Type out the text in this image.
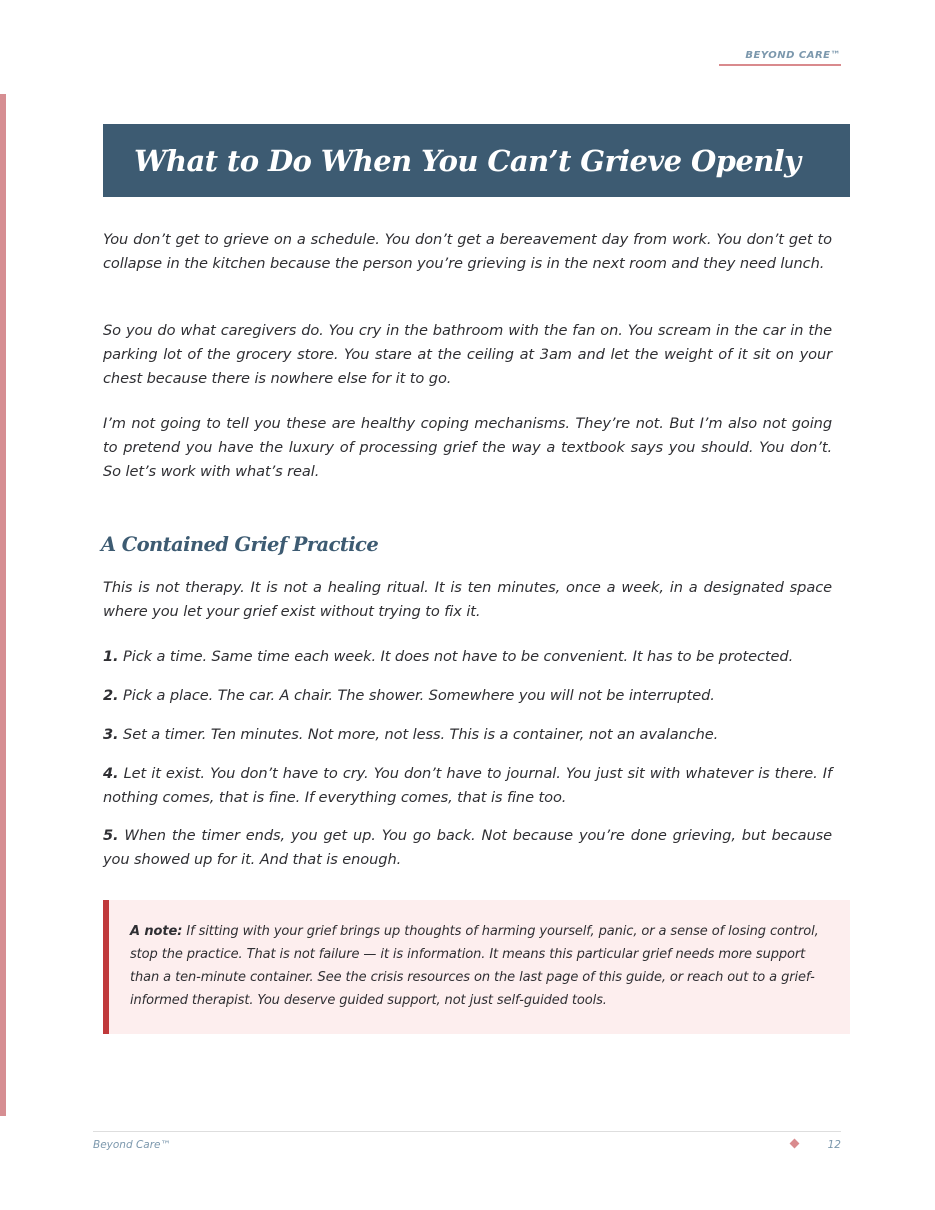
BEYOND CARE™
What to Do When You Can’t Grieve Openly

You don’t get to grieve on a schedule. You don’t get a bereavement day from work. You don’t get to collapse in the kitchen because the person you’re grieving is in the next room and they need lunch.

So you do what caregivers do. You cry in the bathroom with the fan on. You scream in the car in the parking lot of the grocery store. You stare at the ceiling at 3am and let the weight of it sit on your chest because there is nowhere else for it to go.

I’m not going to tell you these are healthy coping mechanisms. They’re not. But I’m also not going to pretend you have the luxury of processing grief the way a textbook says you should. You don’t. So let’s work with what’s real.

A Contained Grief Practice

This is not therapy. It is not a healing ritual. It is ten minutes, once a week, in a designated space where you let your grief exist without trying to fix it.

1. Pick a time. Same time each week. It does not have to be convenient. It has to be protected.

2. Pick a place. The car. A chair. The shower. Somewhere you will not be interrupted.

3. Set a timer. Ten minutes. Not more, not less. This is a container, not an avalanche.

4. Let it exist. You don’t have to cry. You don’t have to journal. You just sit with whatever is there. If nothing comes, that is fine. If everything comes, that is fine too.

5. When the timer ends, you get up. You go back. Not because you’re done grieving, but because you showed up for it. And that is enough.

A note: If sitting with your grief brings up thoughts of harming yourself, panic, or a sense of losing control, stop the practice. That is not failure — it is information. It means this particular grief needs more support than a ten-minute container. See the crisis resources on the last page of this guide, or reach out to a grief-informed therapist. You deserve guided support, not just self-guided tools.

Beyond Care™	12
